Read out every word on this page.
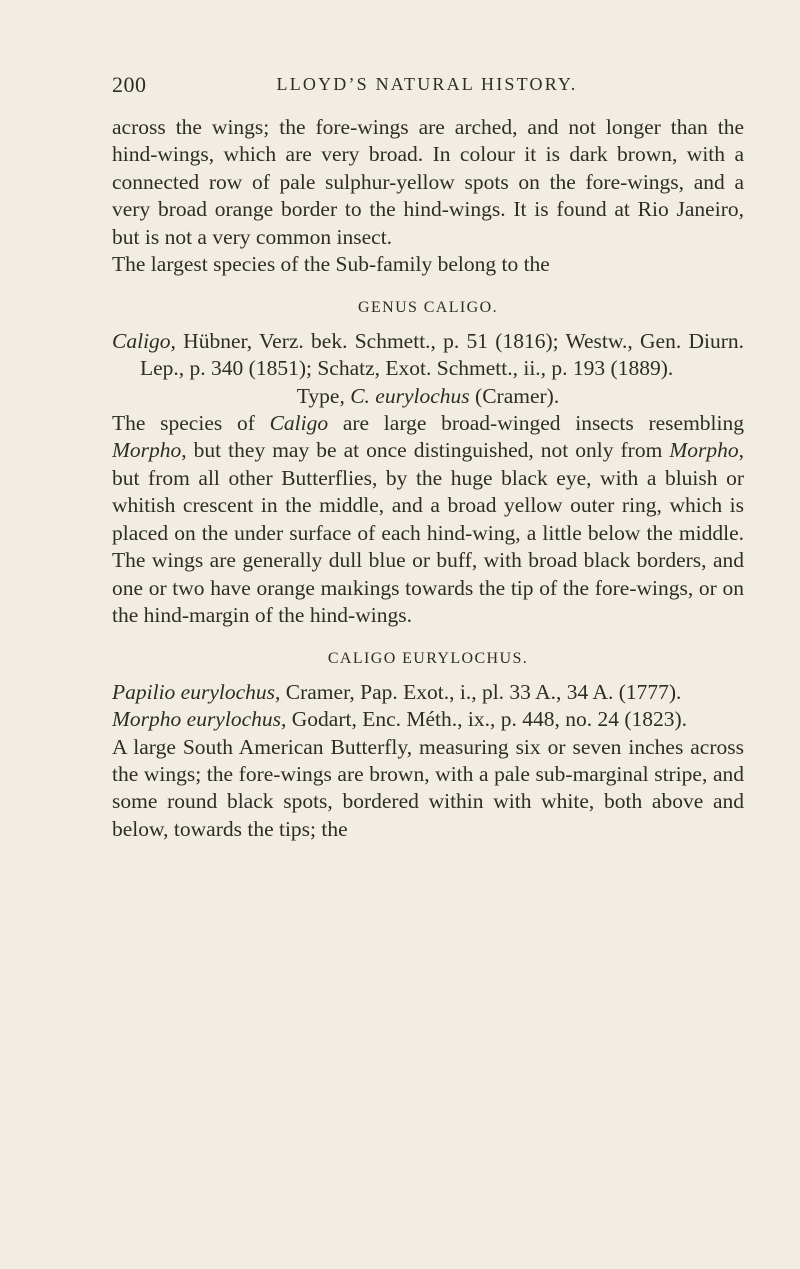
200	LLOYD’S NATURAL HISTORY.

across the wings; the fore-wings are arched, and not longer than the hind-wings, which are very broad. In colour it is dark brown, with a connected row of pale sulphur-yellow spots on the fore-wings, and a very broad orange border to the hind-wings. It is found at Rio Janeiro, but is not a very common insect.

The largest species of the Sub-family belong to the

GENUS CALIGO.

Caligo, Hübner, Verz. bek. Schmett., p. 51 (1816); Westw., Gen. Diurn. Lep., p. 340 (1851); Schatz, Exot. Schmett., ii., p. 193 (1889).

Type, C. eurylochus (Cramer).

The species of Caligo are large broad-winged insects resembling Morpho, but they may be at once distinguished, not only from Morpho, but from all other Butterflies, by the huge black eye, with a bluish or whitish crescent in the middle, and a broad yellow outer ring, which is placed on the under surface of each hind-wing, a little below the middle. The wings are generally dull blue or buff, with broad black borders, and one or two have orange maıkings towards the tip of the fore-wings, or on the hind-margin of the hind-wings.

CALIGO EURYLOCHUS.

Papilio eurylochus, Cramer, Pap. Exot., i., pl. 33 A., 34 A. (1777).

Morpho eurylochus, Godart, Enc. Méth., ix., p. 448, no. 24 (1823).

A large South American Butterfly, measuring six or seven inches across the wings; the fore-wings are brown, with a pale sub-marginal stripe, and some round black spots, bordered within with white, both above and below, towards the tips; the
